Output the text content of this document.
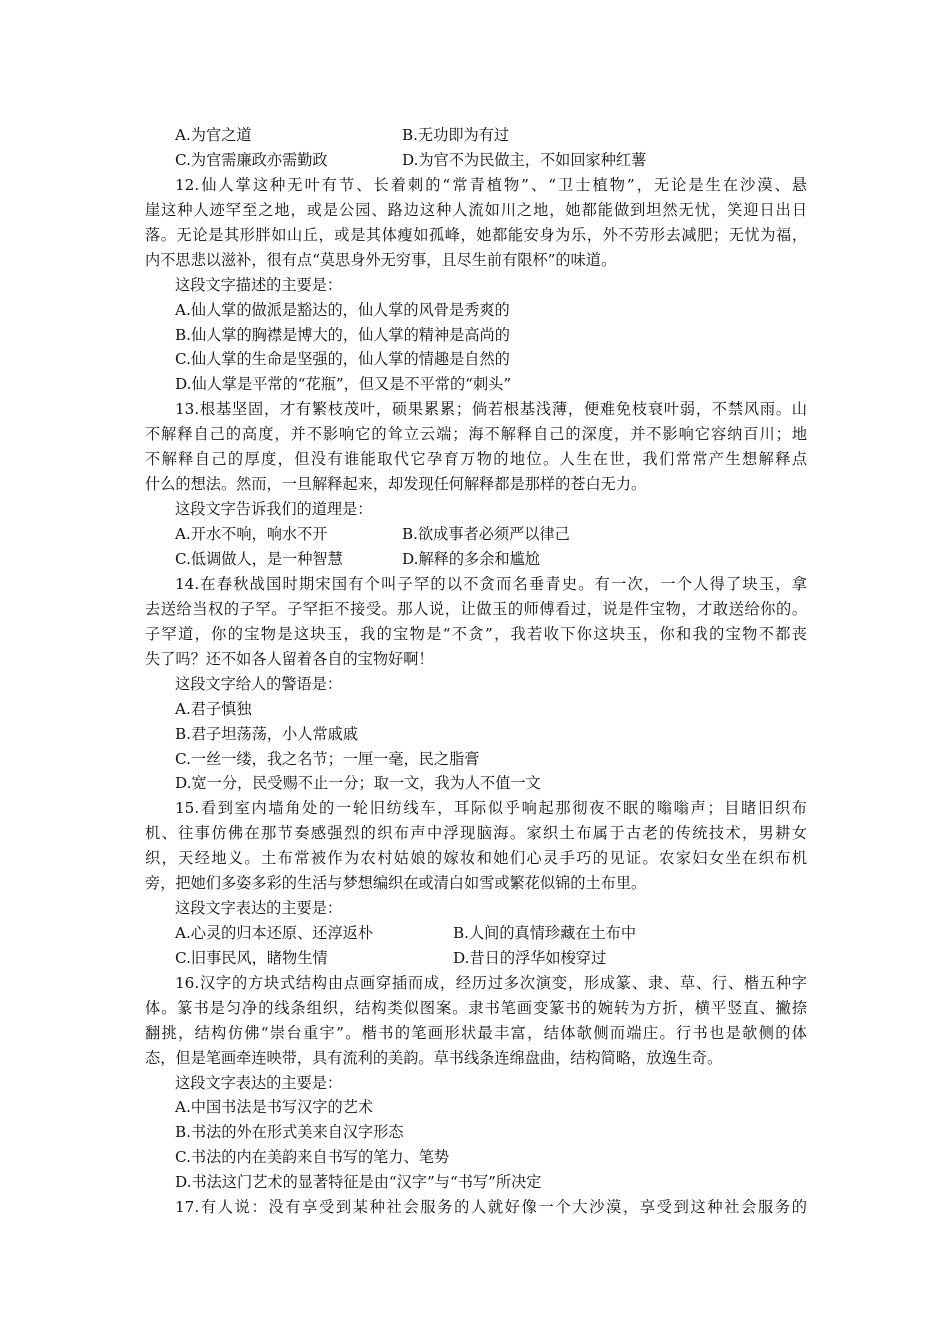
A.为官之道	B.无功即为有过
C.为官需廉政亦需勤政	D.为官不为民做主，不如回家种红薯
12.仙人掌这种无叶有节、长着刺的“常青植物”、“卫士植物”，无论是生在沙漠、悬
崖这种人迹罕至之地，或是公园、路边这种人流如川之地，她都能做到坦然无忧，笑迎日出日
落。无论是其形胖如山丘，或是其体瘦如孤峰，她都能安身为乐，外不劳形去减肥；无忧为福，
内不思悲以滋补，很有点“莫思身外无穷事，且尽生前有限杯”的味道。
这段文字描述的主要是：
A.仙人掌的做派是豁达的，仙人掌的风骨是秀爽的
B.仙人掌的胸襟是博大的，仙人掌的精神是高尚的
C.仙人掌的生命是坚强的，仙人掌的情趣是自然的
D.仙人掌是平常的“花瓶”，但又是不平常的“刺头”
13.根基坚固，才有繁枝茂叶，硕果累累；倘若根基浅薄，便难免枝衰叶弱，不禁风雨。山
不解释自己的高度，并不影响它的耸立云端；海不解释自己的深度，并不影响它容纳百川；地
不解释自己的厚度，但没有谁能取代它孕育万物的地位。人生在世，我们常常产生想解释点
什么的想法。然而，一旦解释起来，却发现任何解释都是那样的苍白无力。
这段文字告诉我们的道理是：
A.开水不响，响水不开	B.欲成事者必须严以律己
C.低调做人，是一种智慧	D.解释的多余和尴尬
14.在春秋战国时期宋国有个叫子罕的以不贪而名垂青史。有一次，一个人得了块玉，拿
去送给当权的子罕。子罕拒不接受。那人说，让做玉的师傅看过，说是件宝物，才敢送给你的。
子罕道，你的宝物是这块玉，我的宝物是“不贪”，我若收下你这块玉，你和我的宝物不都丧
失了吗？还不如各人留着各自的宝物好啊！
这段文字给人的警语是：
A.君子慎独
B.君子坦荡荡，小人常戚戚
C.一丝一缕，我之名节；一厘一毫，民之脂膏
D.宽一分，民受赐不止一分；取一文，我为人不值一文
15.看到室内墙角处的一轮旧纺线车，耳际似乎响起那彻夜不眠的嗡嗡声；目睹旧织布
机、往事仿佛在那节奏感强烈的织布声中浮现脑海。家织土布属于古老的传统技术，男耕女
织，天经地义。土布常被作为农村姑娘的嫁妆和她们心灵手巧的见证。农家妇女坐在织布机
旁，把她们多姿多彩的生活与梦想编织在或清白如雪或繁花似锦的土布里。
这段文字表达的主要是：
A.心灵的归本还原、还淳返朴	B.人间的真情珍藏在土布中
C.旧事民风，睹物生情	D.昔日的浮华如梭穿过
16.汉字的方块式结构由点画穿插而成，经历过多次演变，形成篆、隶、草、行、楷五种字
体。篆书是匀净的线条组织，结构类似图案。隶书笔画变篆书的婉转为方折，横平竖直、撇捺
翻挑，结构仿佛“崇台重宇”。楷书的笔画形状最丰富，结体欹侧而端庄。行书也是欹侧的体
态，但是笔画牵连映带，具有流利的美韵。草书线条连绵盘曲，结构简略，放逸生奇。
这段文字表达的主要是：
A.中国书法是书写汉字的艺术
B.书法的外在形式美来自汉字形态
C.书法的内在美韵来自书写的笔力、笔势
D.书法这门艺术的显著特征是由“汉字”与“书写”所决定
17.有人说：没有享受到某种社会服务的人就好像一个大沙漠，享受到这种社会服务的
